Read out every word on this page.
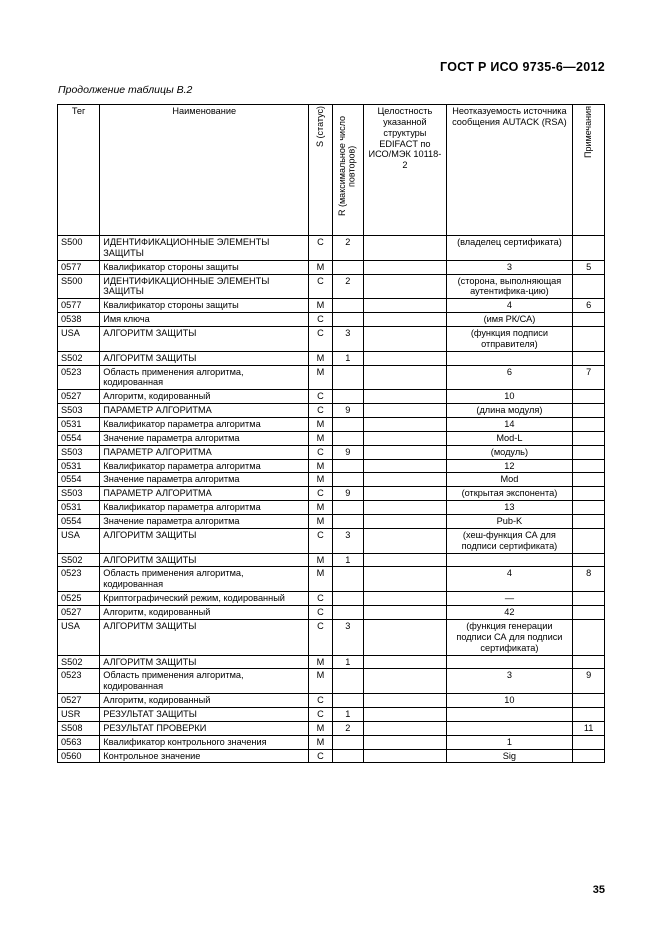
ГОСТ Р ИСО 9735-6—2012
Продолжение таблицы В.2
Тег	Наименование	S (статус)	R (максимальное число повторов)	Целостность указанной структуры EDIFACT по ИСО/МЭК 10118-2	Неотказуемость источника сообщения AUTACK (RSA)	Примечания
S500	ИДЕНТИФИКАЦИОННЫЕ ЭЛЕМЕНТЫ ЗАЩИТЫ	C	2		(владелец сертификата)	
0577	Квалификатор стороны защиты	M			3	5
S500	ИДЕНТИФИКАЦИОННЫЕ ЭЛЕМЕНТЫ ЗАЩИТЫ	C	2		(сторона, выполняющая аутентифика-цию)	
0577	Квалификатор стороны защиты	M			4	6
0538	Имя ключа	C			(имя РК/СА)	
USA	АЛГОРИТМ ЗАЩИТЫ	C	3		(функция подписи отправителя)	
S502	АЛГОРИТМ ЗАЩИТЫ	M	1			
0523	Область применения алгоритма, кодированная	M			6	7
0527	Алгоритм, кодированный	C			10	
S503	ПАРАМЕТР АЛГОРИТМА	C	9		(длина модуля)	
0531	Квалификатор параметра алгоритма	M			14	
0554	Значение параметра алгоритма	M			Mod-L	
S503	ПАРАМЕТР АЛГОРИТМА	C	9		(модуль)	
0531	Квалификатор параметра алгоритма	M			12	
0554	Значение параметра алгоритма	M			Mod	
S503	ПАРАМЕТР АЛГОРИТМА	C	9		(открытая экспонента)	
0531	Квалификатор параметра алгоритма	M			13	
0554	Значение параметра алгоритма	M			Pub-K	
USA	АЛГОРИТМ ЗАЩИТЫ	C	3		(хеш-функция СА для подписи сертификата)	
S502	АЛГОРИТМ ЗАЩИТЫ	M	1			
0523	Область применения алгоритма, кодированная	M			4	8
0525	Криптографический режим, кодированный	C			—	
0527	Алгоритм, кодированный	C			42	
USA	АЛГОРИТМ ЗАЩИТЫ	C	3		(функция генерации подписи СА для подписи сертификата)	
S502	АЛГОРИТМ ЗАЩИТЫ	M	1			
0523	Область применения алгоритма, кодированная	M			3	9
0527	Алгоритм, кодированный	C			10	
USR	РЕЗУЛЬТАТ ЗАЩИТЫ	C	1			
S508	РЕЗУЛЬТАТ ПРОВЕРКИ	M	2			11
0563	Квалификатор контрольного значения	M			1	
0560	Контрольное значение	C			Sig	
35
